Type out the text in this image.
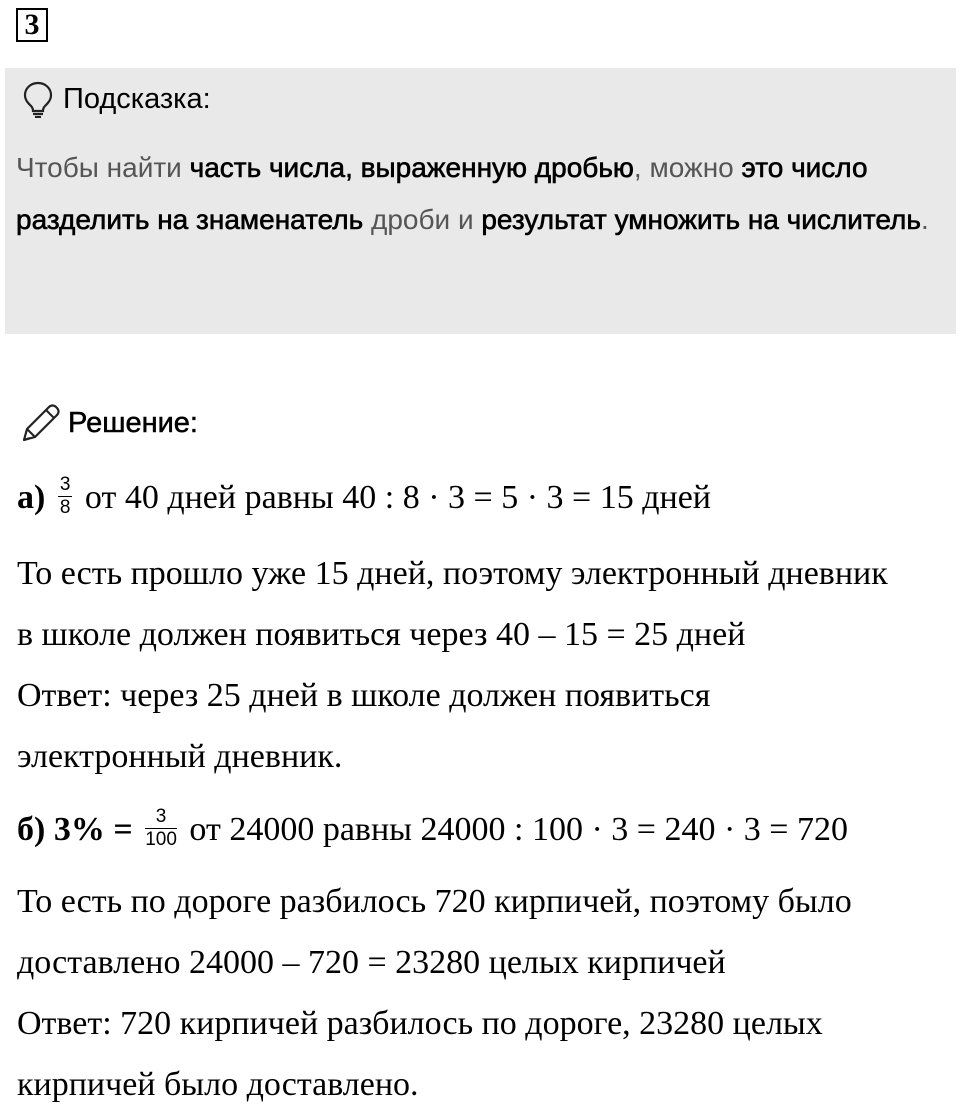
3
Подсказка:
Чтобы найти часть числа, выраженную дробью, можно это число разделить на знаменатель дроби и результат умножить на числитель.
Решение:
$а) \frac{3}{8}$ от 40 дней равны 40 : 8 · 3 = 5 · 3 = 15 дней
То есть прошло уже 15 дней, поэтому электронный дневник
в школе должен появиться через 40 – 15 = 25 дней
Ответ: через 25 дней в школе должен появиться
электронный дневник.
б) $3\% = \frac{3}{100}$ от 24000 равны 24000 : 100 · 3 = 240 · 3 = 720
То есть по дороге разбилось 720 кирпичей, поэтому было
доставлено 24000 – 720 = 23280 целых кирпичей
Ответ: 720 кирпичей разбилось по дороге, 23280 целых
кирпичей было доставлено.
